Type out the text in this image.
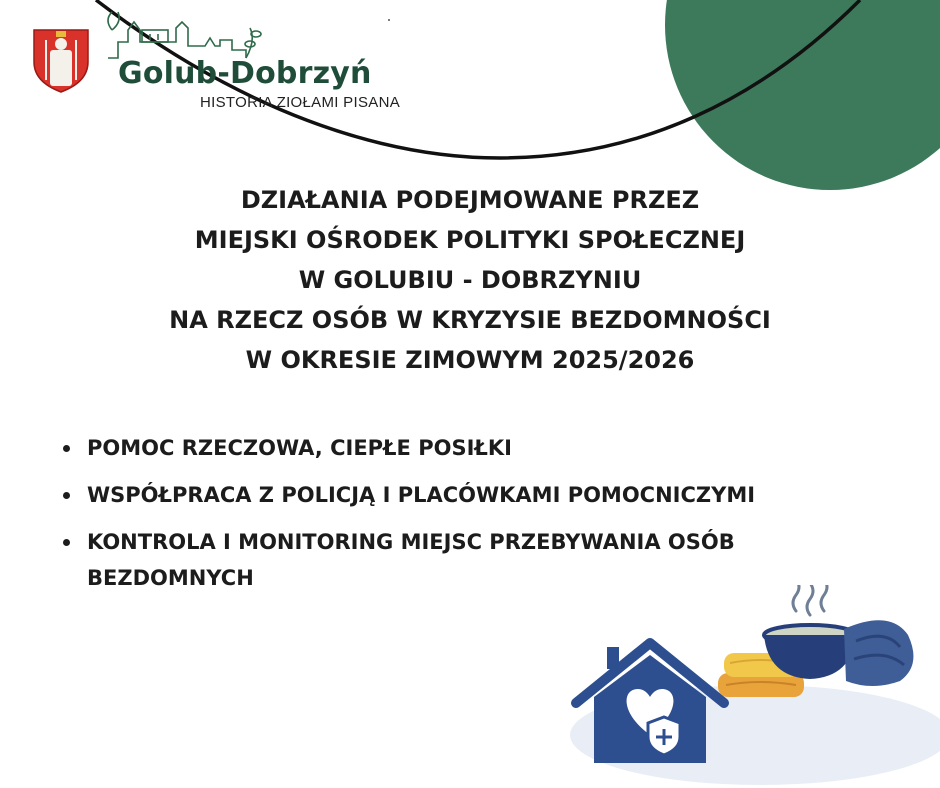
Golub-Dobrzyń
HISTORIA ZIOŁAMI PISANA
DZIAŁANIA PODEJMOWANE PRZEZ
MIEJSKI OŚRODEK POLITYKI SPOŁECZNEJ
W GOLUBIU - DOBRZYNIU
NA RZECZ OSÓB W KRYZYSIE BEZDOMNOŚCI
W OKRESIE ZIMOWYM 2025/2026
POMOC RZECZOWA, CIEPŁE POSIŁKI
WSPÓŁPRACA Z POLICJĄ I PLACÓWKAMI POMOCNICZYMI
KONTROLA I MONITORING MIEJSC PRZEBYWANIA OSÓB BEZDOMNYCH
